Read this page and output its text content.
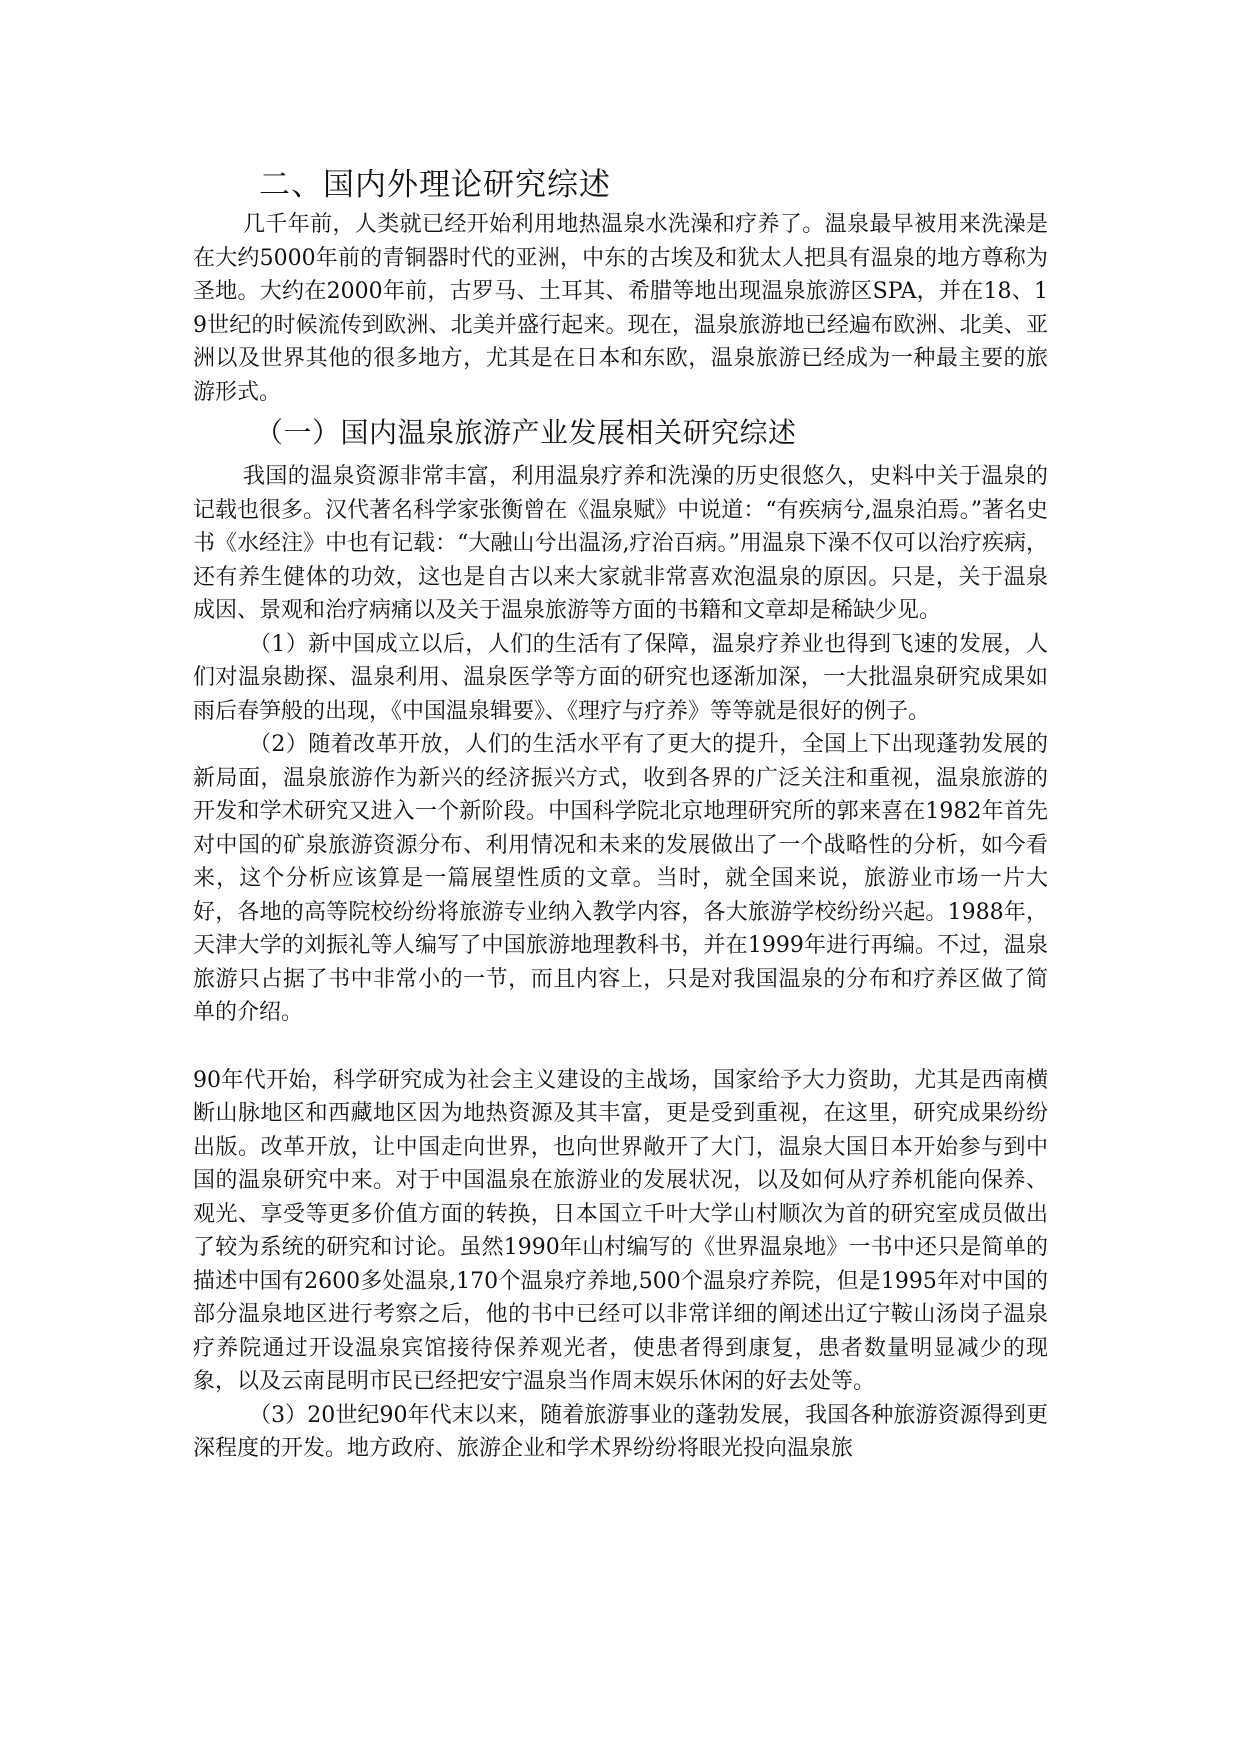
二、国内外理论研究综述

几千年前，人类就已经开始利用地热温泉水洗澡和疗养了。温泉最早被用来洗澡是在大约5000年前的青铜器时代的亚洲，中东的古埃及和犹太人把具有温泉的地方尊称为圣地。大约在2000年前，古罗马、土耳其、希腊等地出现温泉旅游区SPA，并在18、19世纪的时候流传到欧洲、北美并盛行起来。现在，温泉旅游地已经遍布欧洲、北美、亚洲以及世界其他的很多地方，尤其是在日本和东欧，温泉旅游已经成为一种最主要的旅游形式。

（一）国内温泉旅游产业发展相关研究综述

我国的温泉资源非常丰富，利用温泉疗养和洗澡的历史很悠久，史料中关于温泉的记载也很多。汉代著名科学家张衡曾在《温泉赋》中说道：“有疾病兮,温泉泊焉。”著名史书《水经注》中也有记载：“大融山兮出温汤,疗治百病。”用温泉下澡不仅可以治疗疾病，还有养生健体的功效，这也是自古以来大家就非常喜欢泡温泉的原因。只是，关于温泉成因、景观和治疗病痛以及关于温泉旅游等方面的书籍和文章却是稀缺少见。

（1）新中国成立以后，人们的生活有了保障，温泉疗养业也得到飞速的发展，人们对温泉勘探、温泉利用、温泉医学等方面的研究也逐渐加深，一大批温泉研究成果如雨后春笋般的出现，《中国温泉辑要》、《理疗与疗养》等等就是很好的例子。

（2）随着改革开放，人们的生活水平有了更大的提升，全国上下出现蓬勃发展的新局面，温泉旅游作为新兴的经济振兴方式，收到各界的广泛关注和重视，温泉旅游的开发和学术研究又进入一个新阶段。中国科学院北京地理研究所的郭来喜在1982年首先对中国的矿泉旅游资源分布、利用情况和未来的发展做出了一个战略性的分析，如今看来，这个分析应该算是一篇展望性质的文章。当时，就全国来说，旅游业市场一片大好，各地的高等院校纷纷将旅游专业纳入教学内容，各大旅游学校纷纷兴起。1988年，天津大学的刘振礼等人编写了中国旅游地理教科书，并在1999年进行再编。不过，温泉旅游只占据了书中非常小的一节，而且内容上，只是对我国温泉的分布和疗养区做了简单的介绍。

90年代开始，科学研究成为社会主义建设的主战场，国家给予大力资助，尤其是西南横断山脉地区和西藏地区因为地热资源及其丰富，更是受到重视，在这里，研究成果纷纷出版。改革开放，让中国走向世界，也向世界敞开了大门，温泉大国日本开始参与到中国的温泉研究中来。对于中国温泉在旅游业的发展状况，以及如何从疗养机能向保养、观光、享受等更多价值方面的转换，日本国立千叶大学山村顺次为首的研究室成员做出了较为系统的研究和讨论。虽然1990年山村编写的《世界温泉地》一书中还只是简单的描述中国有2600多处温泉,170个温泉疗养地,500个温泉疗养院，但是1995年对中国的部分温泉地区进行考察之后，他的书中已经可以非常详细的阐述出辽宁鞍山汤岗子温泉疗养院通过开设温泉宾馆接待保养观光者，使患者得到康复，患者数量明显减少的现象，以及云南昆明市民已经把安宁温泉当作周末娱乐休闲的好去处等。

（3）20世纪90年代末以来，随着旅游事业的蓬勃发展，我国各种旅游资源得到更深程度的开发。地方政府、旅游企业和学术界纷纷将眼光投向温泉旅
